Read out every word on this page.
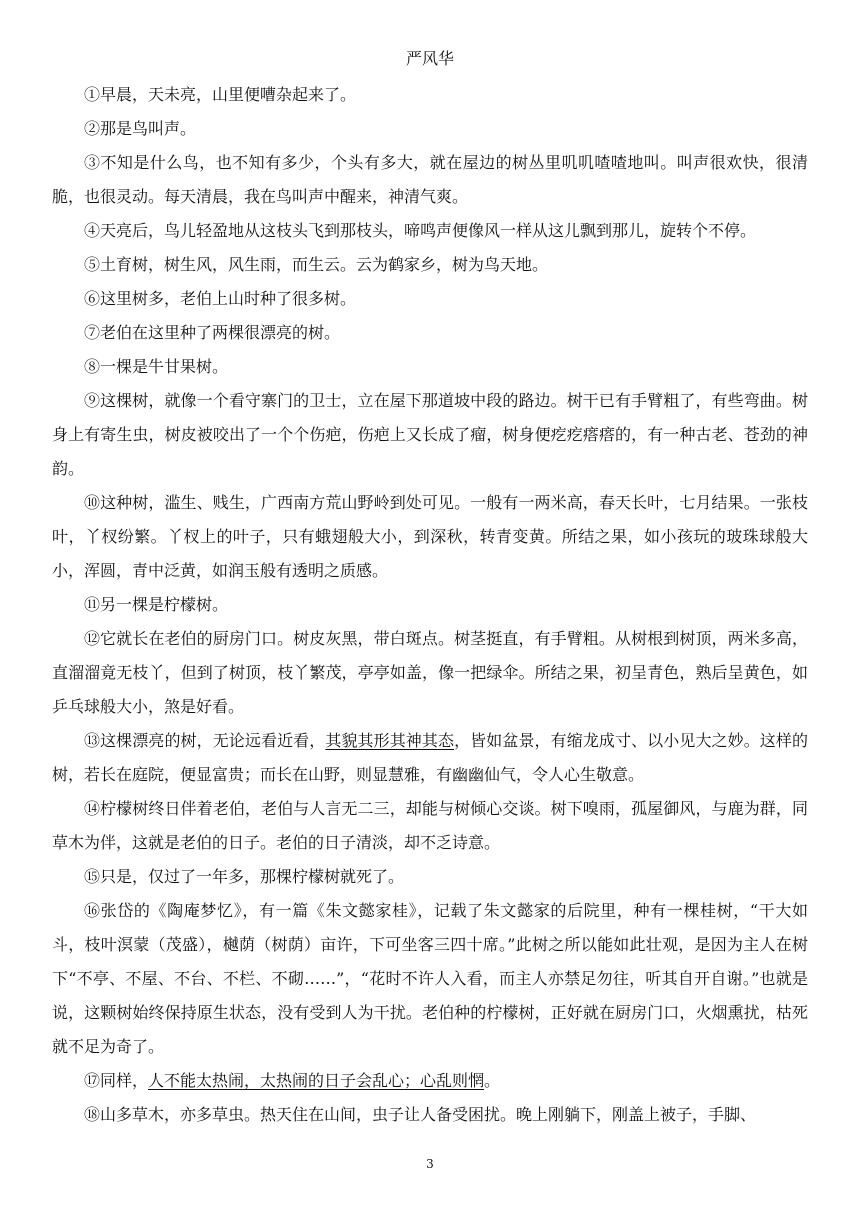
严风华

①早晨，天未亮，山里便嘈杂起来了。

②那是鸟叫声。

③不知是什么鸟，也不知有多少，个头有多大，就在屋边的树丛里叽叽喳喳地叫。叫声很欢快，很清脆，也很灵动。每天清晨，我在鸟叫声中醒来，神清气爽。

④天亮后，鸟儿轻盈地从这枝头飞到那枝头，啼鸣声便像风一样从这儿飘到那儿，旋转个不停。

⑤土育树，树生风，风生雨，而生云。云为鹤家乡，树为鸟天地。

⑥这里树多，老伯上山时种了很多树。

⑦老伯在这里种了两棵很漂亮的树。

⑧一棵是牛甘果树。

⑨这棵树，就像一个看守寨门的卫士，立在屋下那道坡中段的路边。树干已有手臂粗了，有些弯曲。树身上有寄生虫，树皮被咬出了一个个伤疤，伤疤上又长成了瘤，树身便疙疙瘩瘩的，有一种古老、苍劲的神韵。

⑩这种树，滥生、贱生，广西南方荒山野岭到处可见。一般有一两米高，春天长叶，七月结果。一张枝叶，丫杈纷繁。丫杈上的叶子，只有蛾翅般大小，到深秋，转青变黄。所结之果，如小孩玩的玻珠球般大小，浑圆，青中泛黄，如润玉般有透明之质感。

⑪另一棵是柠檬树。

⑫它就长在老伯的厨房门口。树皮灰黑，带白斑点。树茎挺直，有手臂粗。从树根到树顶，两米多高，直溜溜竟无枝丫，但到了树顶，枝丫繁茂，亭亭如盖，像一把绿伞。所结之果，初呈青色，熟后呈黄色，如乒乓球般大小，煞是好看。

⑬这棵漂亮的树，无论远看近看，其貌其形其神其态，皆如盆景，有缩龙成寸、以小见大之妙。这样的树，若长在庭院，便显富贵；而长在山野，则显慧雅，有幽幽仙气，令人心生敬意。

⑭柠檬树终日伴着老伯，老伯与人言无二三，却能与树倾心交谈。树下嗅雨，孤屋御风，与鹿为群，同草木为伴，这就是老伯的日子。老伯的日子清淡，却不乏诗意。

⑮只是，仅过了一年多，那棵柠檬树就死了。

⑯张岱的《陶庵梦忆》，有一篇《朱文懿家桂》，记载了朱文懿家的后院里，种有一棵桂树，“干大如斗，枝叶溟蒙（茂盛），樾荫（树荫）亩许，下可坐客三四十席。”此树之所以能如此壮观，是因为主人在树下“不亭、不屋、不台、不栏、不砌……”，“花时不许人入看，而主人亦禁足勿往，听其自开自谢。”也就是说，这颗树始终保持原生状态，没有受到人为干扰。老伯种的柠檬树，正好就在厨房门口，火烟熏扰，枯死就不足为奇了。

⑰同样，人不能太热闹，太热闹的日子会乱心；心乱则惘。

⑱山多草木，亦多草虫。热天住在山间，虫子让人备受困扰。晚上刚躺下，刚盖上被子，手脚、

3
